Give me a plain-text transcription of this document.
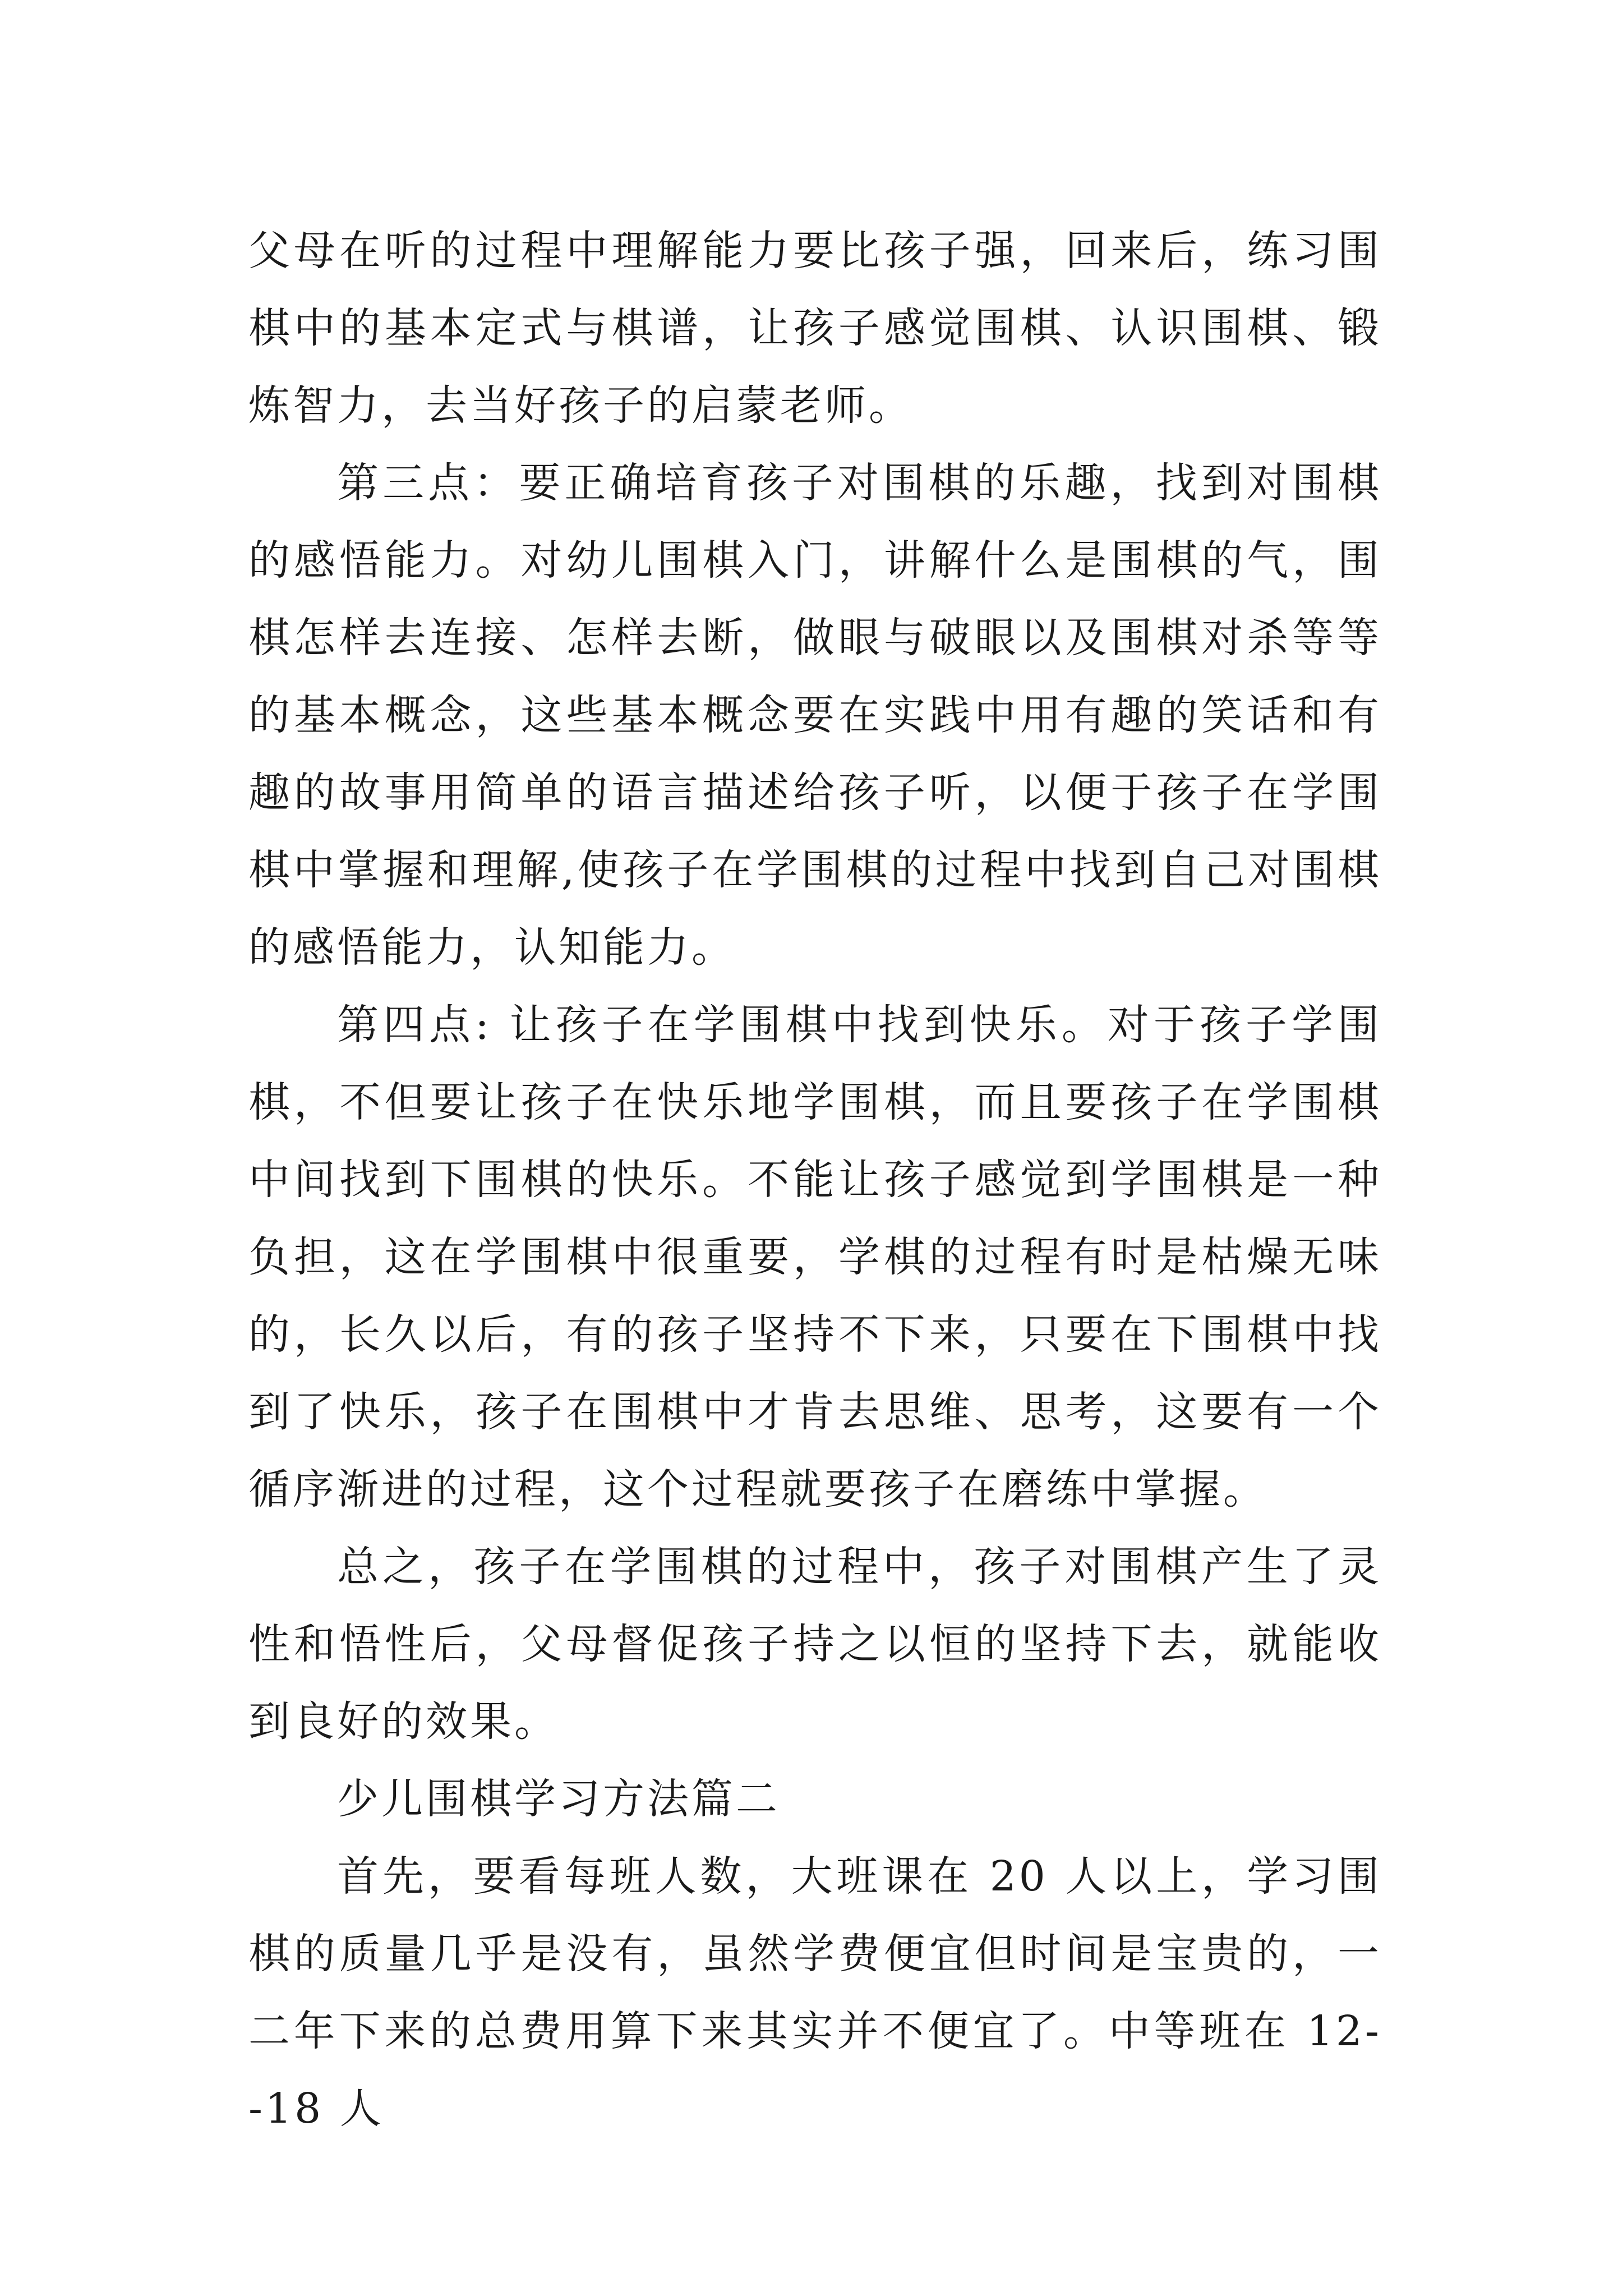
父母在听的过程中理解能力要比孩子强，回来后，练习围棋中的基本定式与棋谱，让孩子感觉围棋、认识围棋、锻炼智力，去当好孩子的启蒙老师。

第三点：要正确培育孩子对围棋的乐趣，找到对围棋的感悟能力。对幼儿围棋入门，讲解什么是围棋的气，围棋怎样去连接、怎样去断，做眼与破眼以及围棋对杀等等的基本概念，这些基本概念要在实践中用有趣的笑话和有趣的故事用简单的语言描述给孩子听，以便于孩子在学围棋中掌握和理解,使孩子在学围棋的过程中找到自己对围棋的感悟能力，认知能力。

第四点: 让孩子在学围棋中找到快乐。对于孩子学围棋，不但要让孩子在快乐地学围棋，而且要孩子在学围棋中间找到下围棋的快乐。不能让孩子感觉到学围棋是一种负担，这在学围棋中很重要，学棋的过程有时是枯燥无味的，长久以后，有的孩子坚持不下来，只要在下围棋中找到了快乐，孩子在围棋中才肯去思维、思考，这要有一个循序渐进的过程，这个过程就要孩子在磨练中掌握。

总之，孩子在学围棋的过程中，孩子对围棋产生了灵性和悟性后，父母督促孩子持之以恒的坚持下去，就能收到良好的效果。

少儿围棋学习方法篇二

首先，要看每班人数，大班课在 20 人以上，学习围棋的质量几乎是没有，虽然学费便宜但时间是宝贵的，一二年下来的总费用算下来其实并不便宜了。中等班在 12--18 人
